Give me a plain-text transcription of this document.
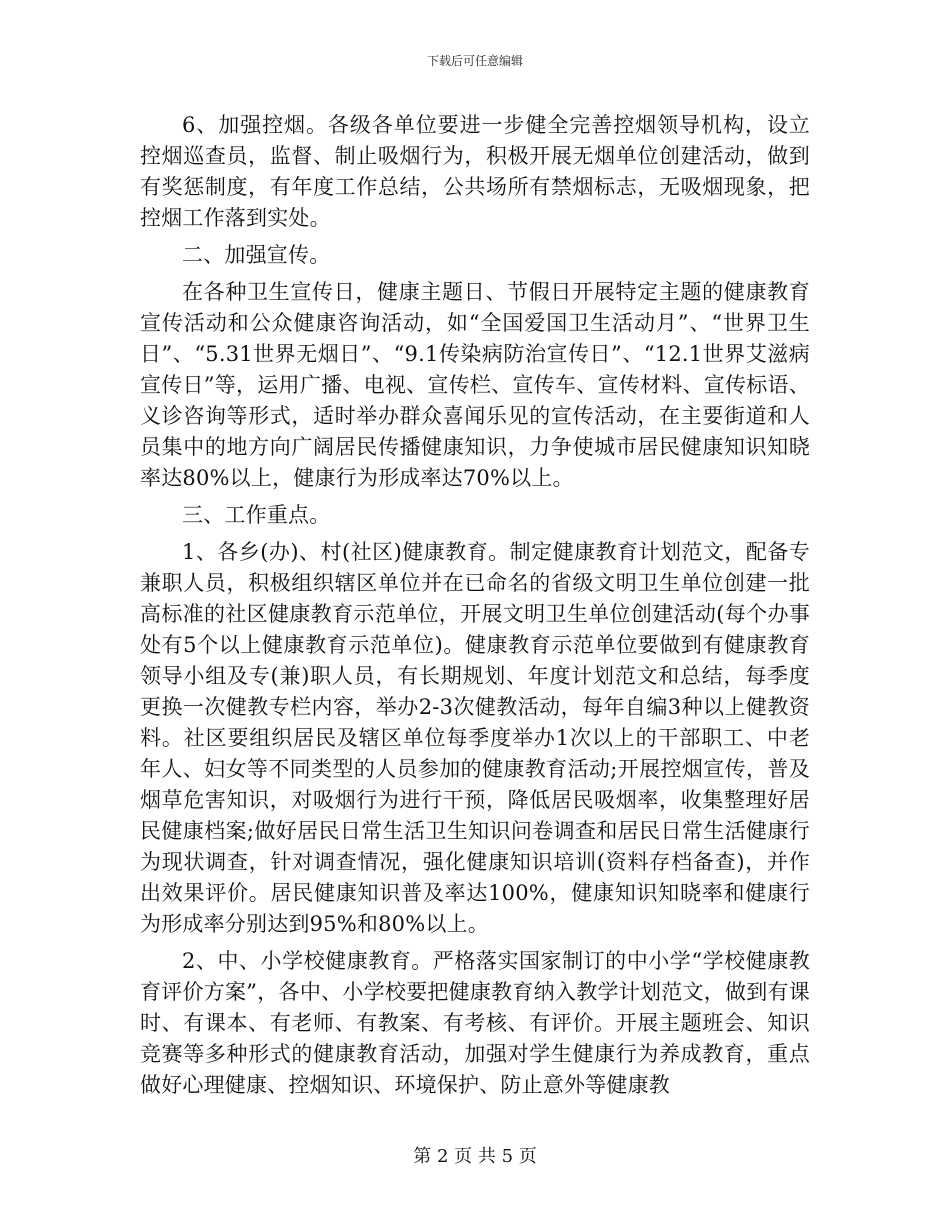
下载后可任意编辑

6、加强控烟。各级各单位要进一步健全完善控烟领导机构，设立控烟巡查员，监督、制止吸烟行为，积极开展无烟单位创建活动，做到有奖惩制度，有年度工作总结，公共场所有禁烟标志，无吸烟现象，把控烟工作落到实处。

二、加强宣传。

在各种卫生宣传日，健康主题日、节假日开展特定主题的健康教育宣传活动和公众健康咨询活动，如“全国爱国卫生活动月”、“世界卫生日”、“5.31世界无烟日”、“9.1传染病防治宣传日”、“12.1世界艾滋病宣传日”等，运用广播、电视、宣传栏、宣传车、宣传材料、宣传标语、义诊咨询等形式，适时举办群众喜闻乐见的宣传活动，在主要街道和人员集中的地方向广阔居民传播健康知识，力争使城市居民健康知识知晓率达80%以上，健康行为形成率达70%以上。

三、工作重点。

1、各乡(办)、村(社区)健康教育。制定健康教育计划范文，配备专兼职人员，积极组织辖区单位并在已命名的省级文明卫生单位创建一批高标准的社区健康教育示范单位，开展文明卫生单位创建活动(每个办事处有5个以上健康教育示范单位)。健康教育示范单位要做到有健康教育领导小组及专(兼)职人员，有长期规划、年度计划范文和总结，每季度更换一次健教专栏内容，举办2-3次健教活动，每年自编3种以上健教资料。社区要组织居民及辖区单位每季度举办1次以上的干部职工、中老年人、妇女等不同类型的人员参加的健康教育活动;开展控烟宣传，普及烟草危害知识，对吸烟行为进行干预，降低居民吸烟率，收集整理好居民健康档案;做好居民日常生活卫生知识问卷调查和居民日常生活健康行为现状调查，针对调查情况，强化健康知识培训(资料存档备查)，并作出效果评价。居民健康知识普及率达100%，健康知识知晓率和健康行为形成率分别达到95%和80%以上。

2、中、小学校健康教育。严格落实国家制订的中小学“学校健康教育评价方案”，各中、小学校要把健康教育纳入教学计划范文，做到有课时、有课本、有老师、有教案、有考核、有评价。开展主题班会、知识竞赛等多种形式的健康教育活动，加强对学生健康行为养成教育，重点做好心理健康、控烟知识、环境保护、防止意外等健康教

第 2 页 共 5 页
